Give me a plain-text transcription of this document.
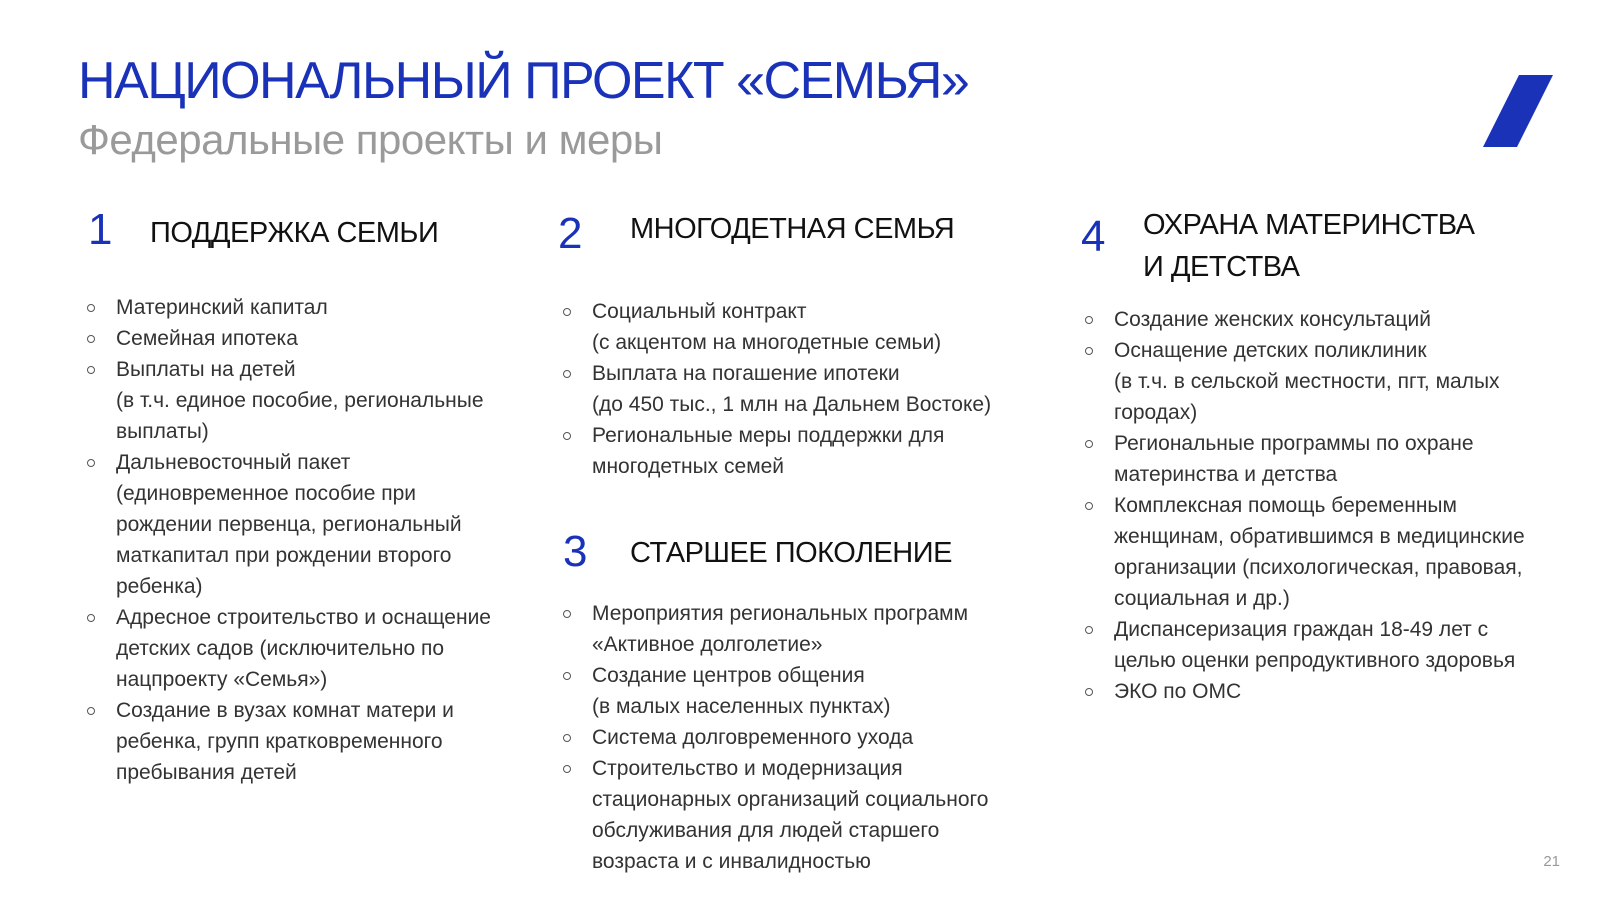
НАЦИОНАЛЬНЫЙ ПРОЕКТ «СЕМЬЯ»
Федеральные проекты и меры
1 ПОДДЕРЖКА СЕМЬИ
Материнский капитал
Семейная ипотека
Выплаты на детей
(в т.ч. единое пособие, региональные
выплаты)
Дальневосточный пакет
(единовременное пособие при
рождении первенца, региональный
маткапитал при рождении второго
ребенка)
Адресное строительство и оснащение
детских садов (исключительно по
нацпроекту «Семья»)
Создание в вузах комнат матери и
ребенка, групп кратковременного
пребывания детей
2 МНОГОДЕТНАЯ СЕМЬЯ
Социальный контракт
(с акцентом на многодетные семьи)
Выплата на погашение ипотеки
(до 450 тыс., 1 млн на Дальнем Востоке)
Региональные меры поддержки для
многодетных семей
3 СТАРШЕЕ ПОКОЛЕНИЕ
Мероприятия региональных программ
«Активное долголетие»
Создание центров общения
(в малых населенных пунктах)
Система долговременного ухода
Строительство и модернизация
стационарных организаций социального
обслуживания для людей старшего
возраста и с инвалидностью
4 ОХРАНА МАТЕРИНСТВА
И ДЕТСТВА
Создание женских консультаций
Оснащение детских поликлиник
(в т.ч. в сельской местности, пгт, малых
городах)
Региональные программы по охране
материнства и детства
Комплексная помощь беременным
женщинам, обратившимся в медицинские
организации (психологическая, правовая,
социальная и др.)
Диспансеризация граждан 18-49 лет с
целью оценки репродуктивного здоровья
ЭКО по ОМС
21
